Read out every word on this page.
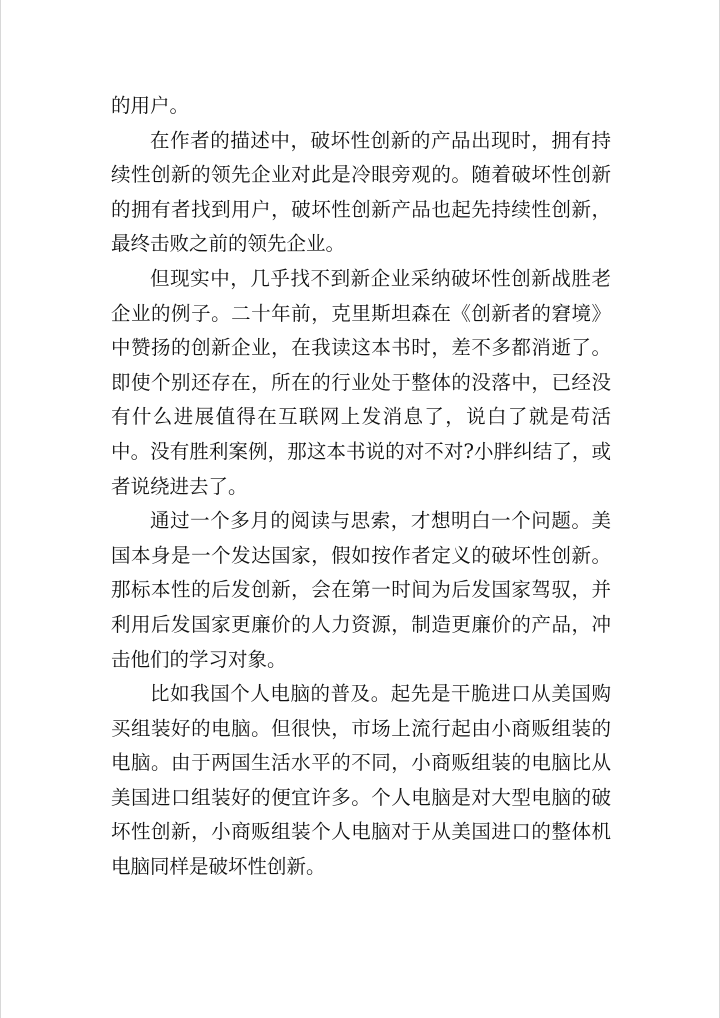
的用户。

在作者的描述中，破坏性创新的产品出现时，拥有持续性创新的领先企业对此是冷眼旁观的。随着破坏性创新的拥有者找到用户，破坏性创新产品也起先持续性创新，最终击败之前的领先企业。

但现实中，几乎找不到新企业采纳破坏性创新战胜老企业的例子。二十年前，克里斯坦森在《创新者的窘境》中赞扬的创新企业，在我读这本书时，差不多都消逝了。即使个别还存在，所在的行业处于整体的没落中，已经没有什么进展值得在互联网上发消息了，说白了就是苟活中。没有胜利案例，那这本书说的对不对?小胖纠结了，或者说绕进去了。

通过一个多月的阅读与思索，才想明白一个问题。美国本身是一个发达国家，假如按作者定义的破坏性创新。那标本性的后发创新，会在第一时间为后发国家驾驭，并利用后发国家更廉价的人力资源，制造更廉价的产品，冲击他们的学习对象。

比如我国个人电脑的普及。起先是干脆进口从美国购买组装好的电脑。但很快，市场上流行起由小商贩组装的电脑。由于两国生活水平的不同，小商贩组装的电脑比从美国进口组装好的便宜许多。个人电脑是对大型电脑的破坏性创新，小商贩组装个人电脑对于从美国进口的整体机电脑同样是破坏性创新。
